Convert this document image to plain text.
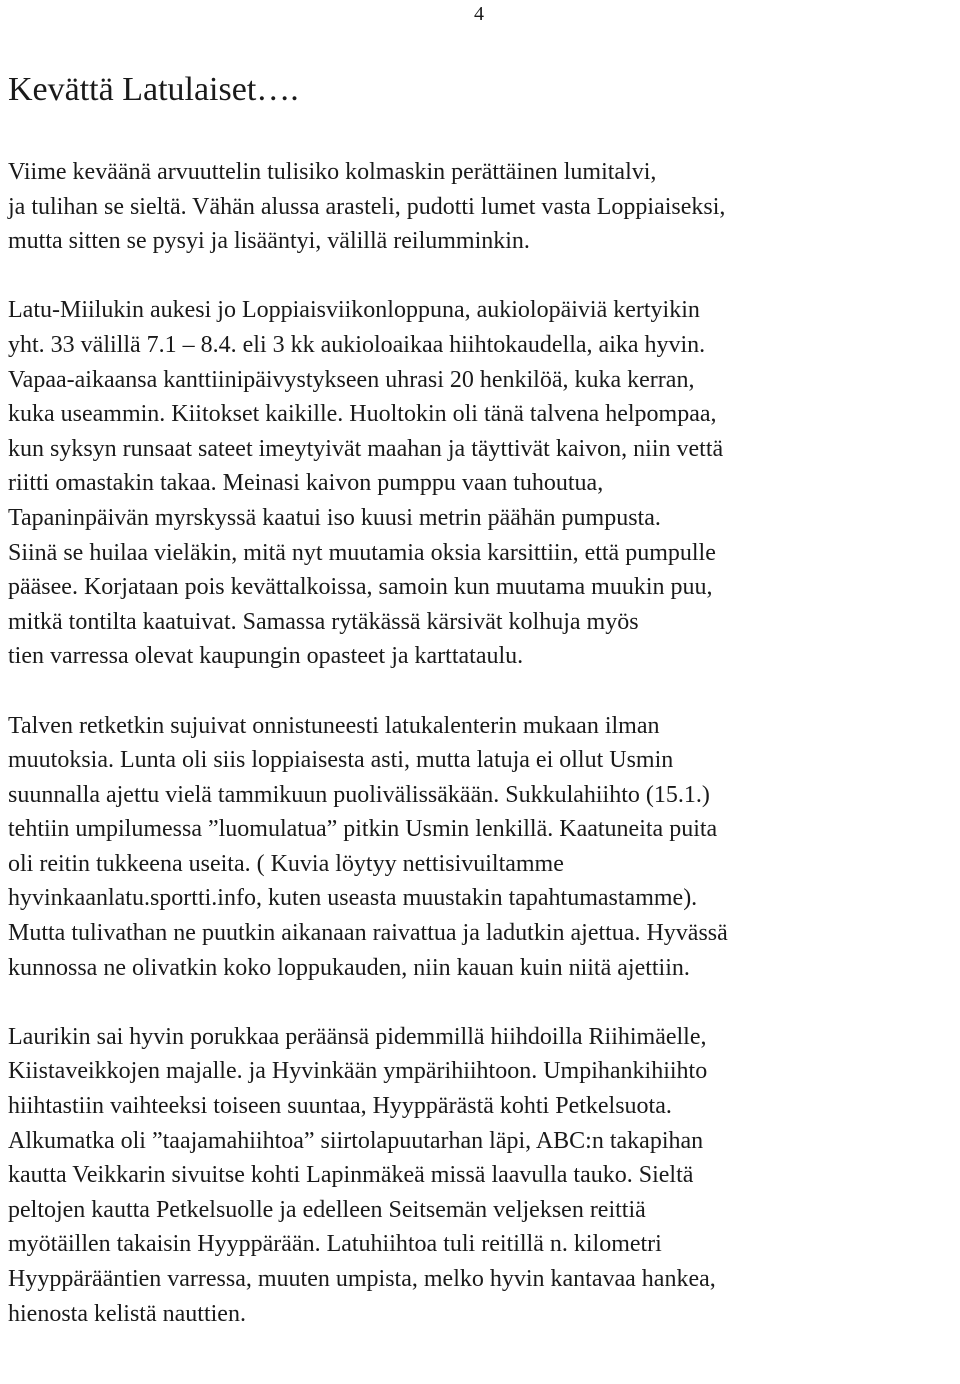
4
Kevättä Latulaiset….

Viime keväänä arvuuttelin tulisiko kolmaskin perättäinen lumitalvi,
ja tulihan se sieltä. Vähän alussa arasteli, pudotti lumet vasta Loppiaiseksi,
mutta sitten se pysyi ja lisääntyi, välillä reilumminkin.

Latu-Miilukin aukesi jo Loppiaisviikonloppuna, aukiolopäiviä kertyikin
yht. 33 välillä 7.1 – 8.4. eli 3 kk aukioloaikaa hiihtokaudella, aika hyvin.
Vapaa-aikaansa kanttiinipäivystykseen uhrasi 20 henkilöä, kuka kerran,
kuka useammin. Kiitokset kaikille. Huoltokin oli tänä talvena helpompaa,
kun syksyn runsaat sateet imeytyivät maahan ja täyttivät kaivon, niin vettä
riitti omastakin takaa. Meinasi kaivon pumppu vaan tuhoutua,
Tapaninpäivän myrskyssä kaatui iso kuusi metrin päähän pumpusta.
Siinä se huilaa vieläkin, mitä nyt muutamia oksia karsittiin, että pumpulle
pääsee. Korjataan pois kevättalkoissa, samoin kun muutama muukin puu,
mitkä tontilta kaatuivat. Samassa rytäkässä kärsivät kolhuja myös
tien varressa olevat kaupungin opasteet ja karttataulu.

Talven retketkin sujuivat onnistuneesti latukalenterin mukaan ilman
muutoksia. Lunta oli siis loppiaisesta asti, mutta latuja ei ollut Usmin
suunnalla ajettu vielä tammikuun puolivälissäkään. Sukkulahiihto (15.1.)
tehtiin umpilumessa ”luomulatua” pitkin Usmin lenkillä. Kaatuneita puita
oli reitin tukkeena useita. ( Kuvia löytyy nettisivuiltamme
hyvinkaanlatu.sportti.info, kuten useasta muustakin tapahtumastamme).
Mutta tulivathan ne puutkin aikanaan raivattua ja ladutkin ajettua. Hyvässä
kunnossa ne olivatkin koko loppukauden, niin kauan kuin niitä ajettiin.

Laurikin sai hyvin porukkaa peräänsä pidemmillä hiihdoilla Riihimäelle,
Kiistaveikkojen majalle. ja Hyvinkään ympärihiihtoon. Umpihankihiihto
hiihtastiin vaihteeksi toiseen suuntaa, Hyyppärästä kohti Petkelsuota.
Alkumatka oli ”taajamahiihtoa” siirtolapuutarhan läpi, ABC:n takapihan
kautta Veikkarin sivuitse kohti Lapinmäkeä missä laavulla tauko. Sieltä
peltojen kautta Petkelsuolle ja edelleen Seitsemän veljeksen reittiä
myötäillen takaisin Hyyppärään. Latuhiihtoa tuli reitillä n. kilometri
Hyyppärääntien varressa, muuten umpista, melko hyvin kantavaa hankea,
hienosta kelistä nauttien.
